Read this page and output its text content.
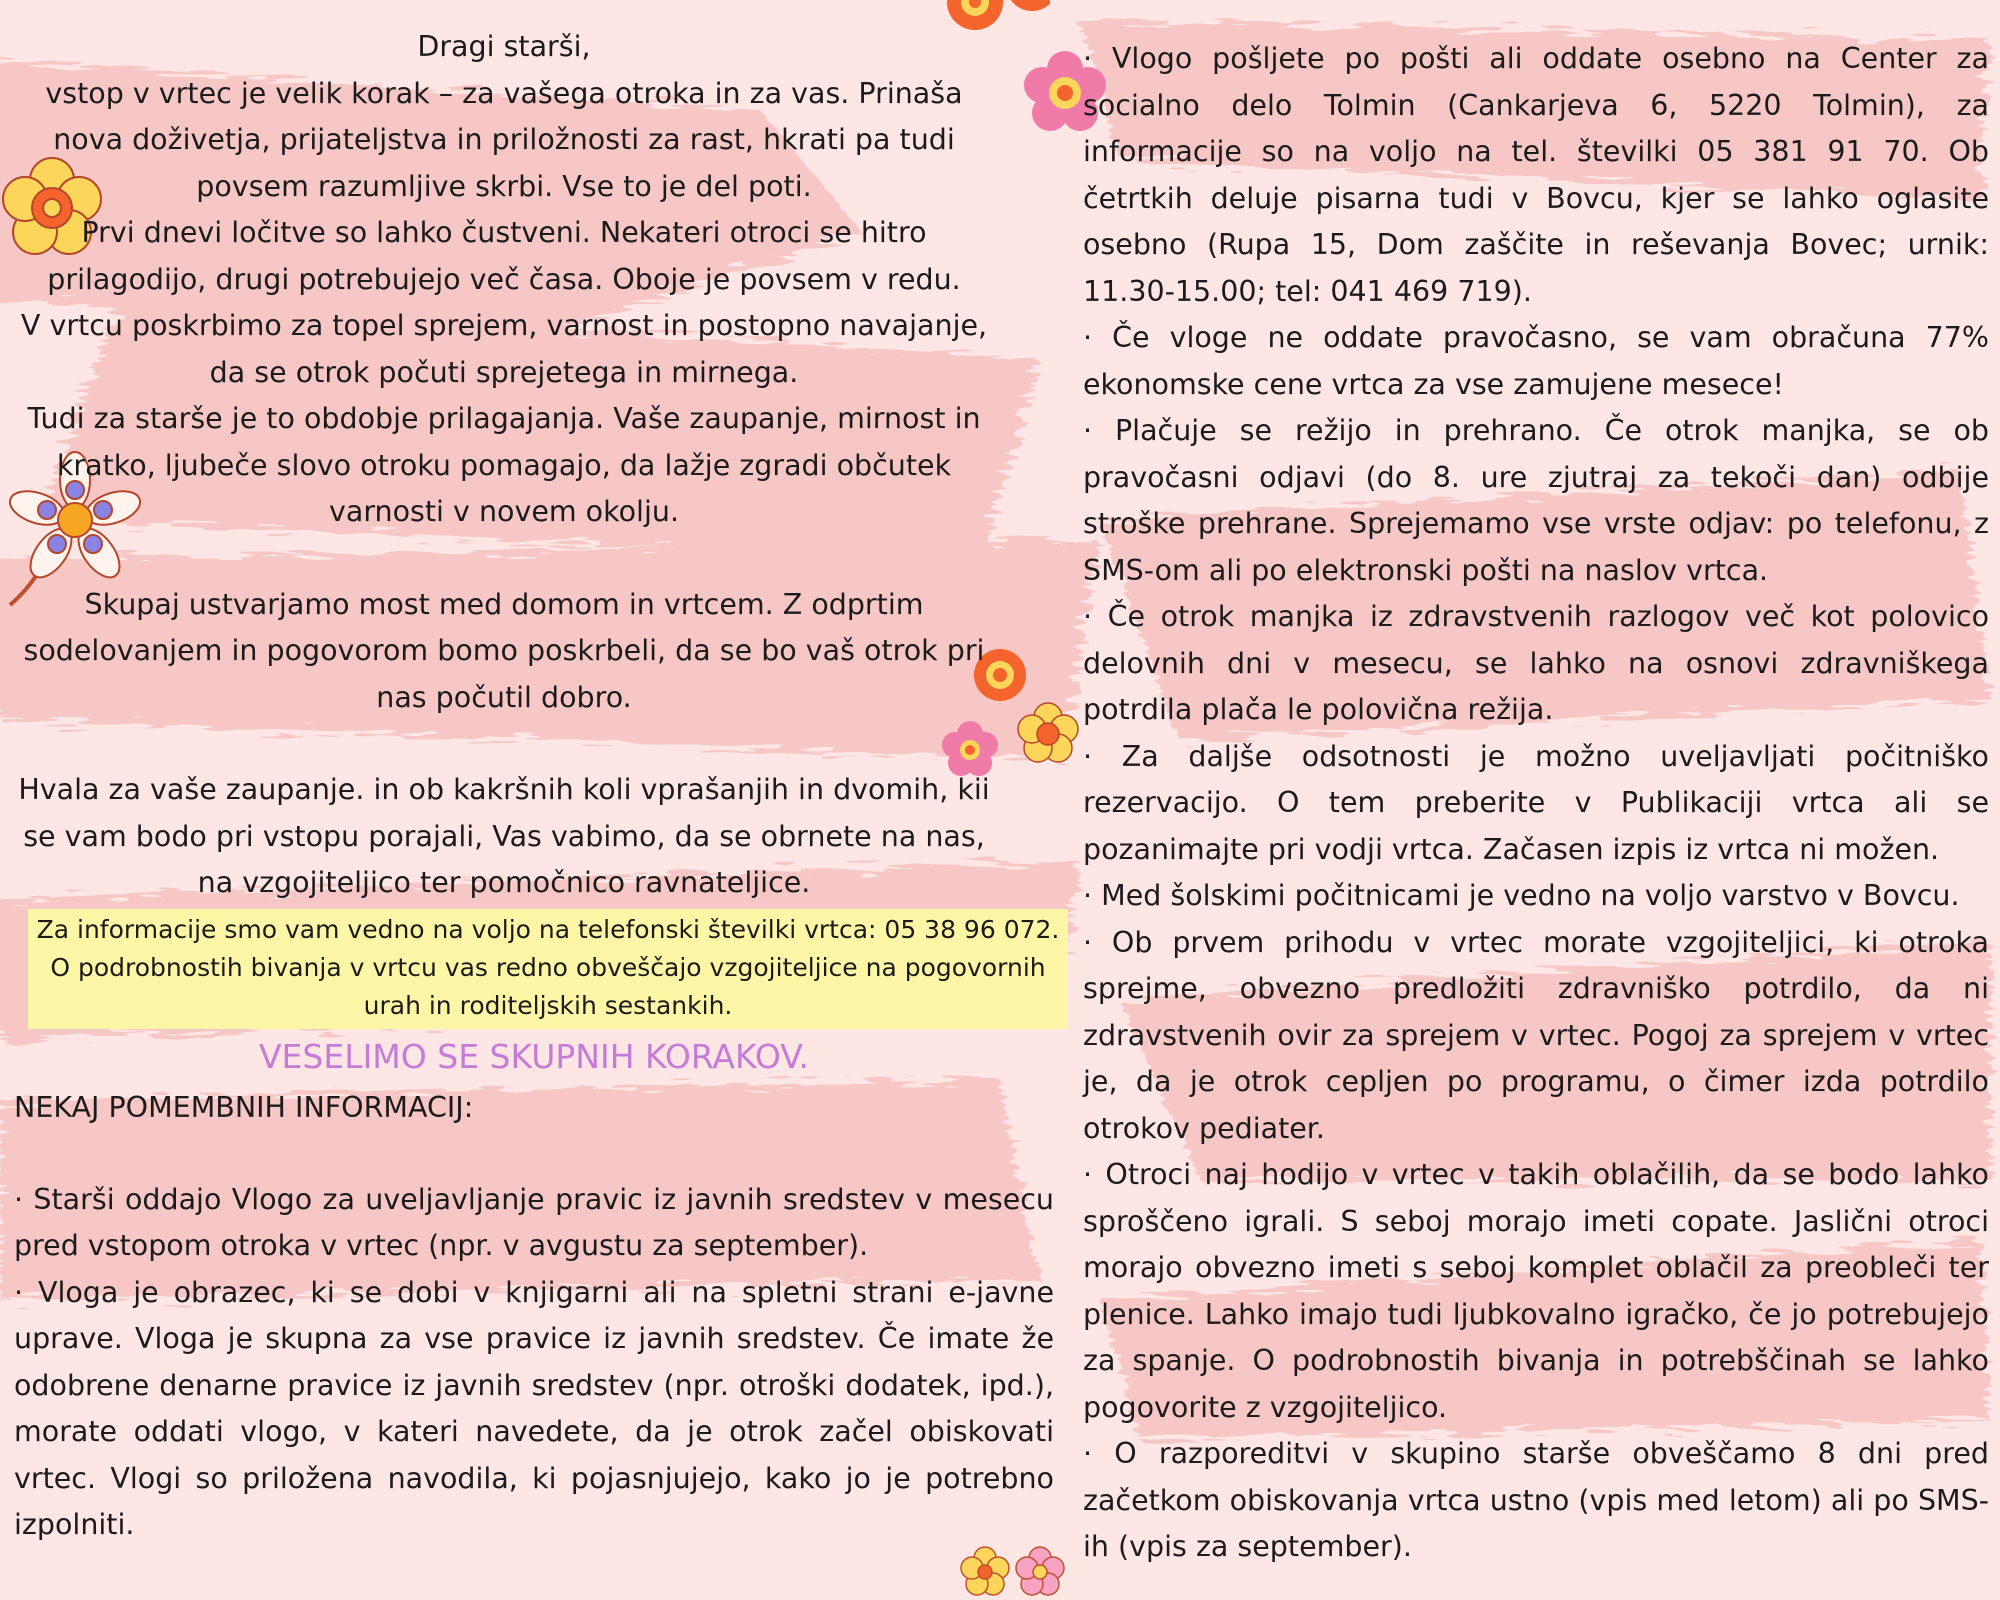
Dragi starši,

vstop v vrtec je velik korak – za vašega otroka in za vas. Prinaša nova doživetja, prijateljstva in priložnosti za rast, hkrati pa tudi povsem razumljive skrbi. Vse to je del poti.

Prvi dnevi ločitve so lahko čustveni. Nekateri otroci se hitro prilagodijo, drugi potrebujejo več časa. Oboje je povsem v redu.

V vrtcu poskrbimo za topel sprejem, varnost in postopno navajanje, da se otrok počuti sprejetega in mirnega.

Tudi za starše je to obdobje prilagajanja. Vaše zaupanje, mirnost in kratko, ljubeče slovo otroku pomagajo, da lažje zgradi občutek varnosti v novem okolju.

Skupaj ustvarjamo most med domom in vrtcem. Z odprtim sodelovanjem in pogovorom bomo poskrbeli, da se bo vaš otrok pri nas počutil dobro.

Hvala za vaše zaupanje. in ob kakršnih koli vprašanjih in dvomih, kii se vam bodo pri vstopu porajali, Vas vabimo, da se obrnete na nas, na vzgojiteljico ter pomočnico ravnateljice.

Za informacije smo vam vedno na voljo na telefonski številki vrtca: 05 38 96 072. O podrobnostih bivanja v vrtcu vas redno obveščajo vzgojiteljice na pogovornih urah in roditeljskih sestankih.

VESELIMO SE SKUPNIH KORAKOV.

NEKAJ POMEMBNIH INFORMACIJ:

· Starši oddajo Vlogo za uveljavljanje pravic iz javnih sredstev v mesecu pred vstopom otroka v vrtec (npr. v avgustu za september).

· Vloga je obrazec, ki se dobi v knjigarni ali na spletni strani e-javne uprave. Vloga je skupna za vse pravice iz javnih sredstev. Če imate že odobrene denarne pravice iz javnih sredstev (npr. otroški dodatek, ipd.), morate oddati vlogo, v kateri navedete, da je otrok začel obiskovati vrtec. Vlogi so priložena navodila, ki pojasnjujejo, kako jo je potrebno izpolniti.

· Vlogo pošljete po pošti ali oddate osebno na Center za socialno delo Tolmin (Cankarjeva 6, 5220 Tolmin), za informacije so na voljo na tel. številki 05 381 91 70. Ob četrtkih deluje pisarna tudi v Bovcu, kjer se lahko oglasite osebno (Rupa 15, Dom zaščite in reševanja Bovec; urnik: 11.30-15.00; tel: 041 469 719).

· Če vloge ne oddate pravočasno, se vam obračuna 77% ekonomske cene vrtca za vse zamujene mesece!

· Plačuje se režijo in prehrano. Če otrok manjka, se ob pravočasni odjavi (do 8. ure zjutraj za tekoči dan) odbije stroške prehrane. Sprejemamo vse vrste odjav: po telefonu, z SMS-om ali po elektronski pošti na naslov vrtca.

· Če otrok manjka iz zdravstvenih razlogov več kot polovico delovnih dni v mesecu, se lahko na osnovi zdravniškega potrdila plača le polovična režija.

· Za daljše odsotnosti je možno uveljavljati počitniško rezervacijo. O tem preberite v Publikaciji vrtca ali se pozanimajte pri vodji vrtca. Začasen izpis iz vrtca ni možen.

· Med šolskimi počitnicami je vedno na voljo varstvo v Bovcu.

· Ob prvem prihodu v vrtec morate vzgojiteljici, ki otroka sprejme, obvezno predložiti zdravniško potrdilo, da ni zdravstvenih ovir za sprejem v vrtec. Pogoj za sprejem v vrtec je, da je otrok cepljen po programu, o čimer izda potrdilo otrokov pediater.

· Otroci naj hodijo v vrtec v takih oblačilih, da se bodo lahko sproščeno igrali. S seboj morajo imeti copate. Jaslični otroci morajo obvezno imeti s seboj komplet oblačil za preobleči ter plenice. Lahko imajo tudi ljubkovalno igračko, če jo potrebujejo za spanje. O podrobnostih bivanja in potrebščinah se lahko pogovorite z vzgojiteljico.

· O razporeditvi v skupino starše obveščamo 8 dni pred začetkom obiskovanja vrtca ustno (vpis med letom) ali po SMS-ih (vpis za september).
